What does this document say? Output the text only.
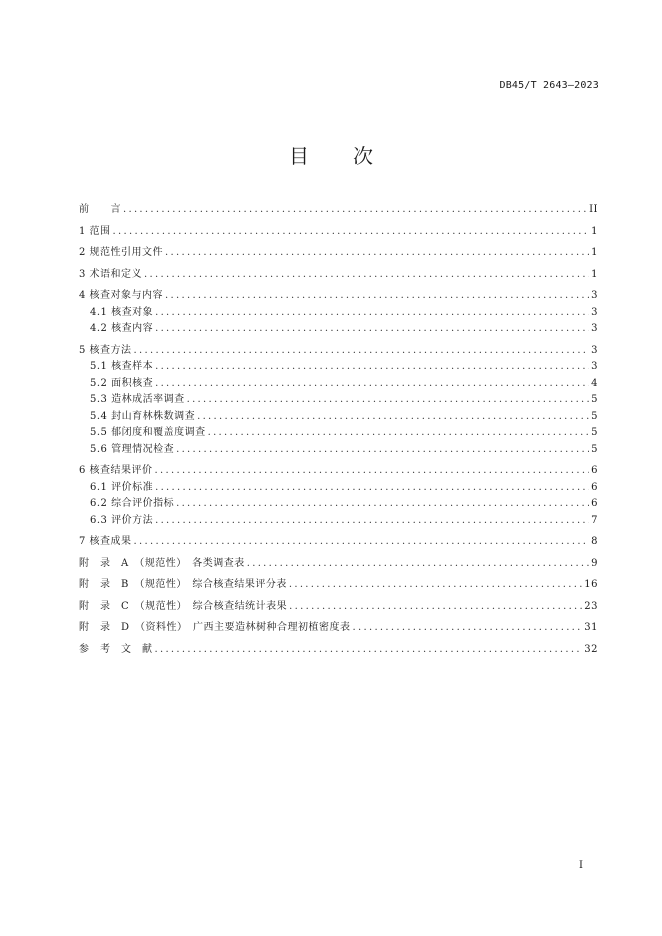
DB45/T 2643—2023
目 次
前　　言 .....	II
1 范围 .....	1
2 规范性引用文件 .....	1
3 术语和定义 .....	1
4 核查对象与内容 .....	3
4.1 核查对象 .....	3
4.2 核查内容 .....	3
5 核查方法 .....	3
5.1 核查样本 .....	3
5.2 面积核查 .....	4
5.3 造林成活率调查 .....	5
5.4 封山育林株数调查 .....	5
5.5 郁闭度和覆盖度调查 .....	5
5.6 管理情况检查 .....	5
6 核查结果评价 .....	6
6.1 评价标准 .....	6
6.2 综合评价指标 .....	6
6.3 评价方法 .....	7
7 核查成果 .....	8
附　录　A　（规范性）　各类调查表 .....	9
附　录　B　（规范性）　综合核查结果评分表 .....	16
附　录　C　（规范性）　综合核查结统计表果 .....	23
附　录　D　（资料性）　广西主要造林树种合理初植密度表 .....	31
参　考　文　献 .....	32
I
